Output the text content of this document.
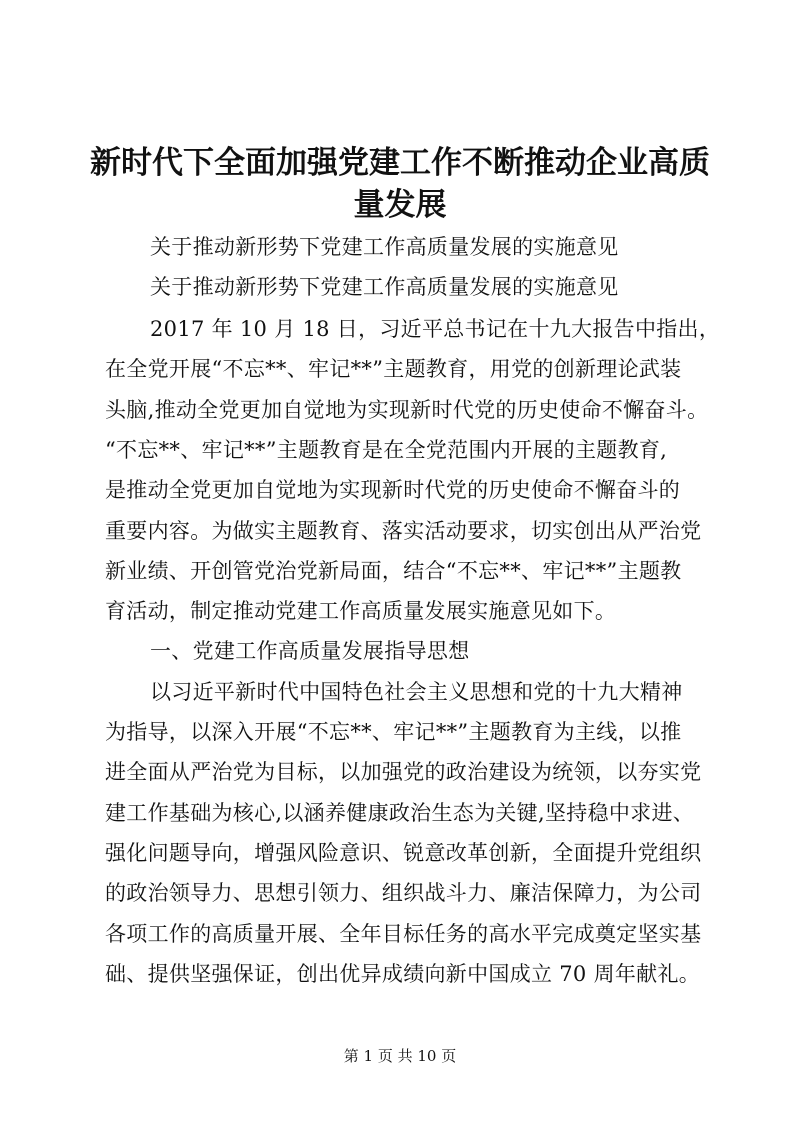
新时代下全面加强党建工作不断推动企业高质
量发展
关于推动新形势下党建工作高质量发展的实施意见
关于推动新形势下党建工作高质量发展的实施意见
2017 年 10 月 18 日，习近平总书记在十九大报告中指出，
在全党开展“不忘**、牢记**”主题教育，用党的创新理论武装
头脑,推动全党更加自觉地为实现新时代党的历史使命不懈奋斗。
“不忘**、牢记**”主题教育是在全党范围内开展的主题教育,
是推动全党更加自觉地为实现新时代党的历史使命不懈奋斗的
重要内容。为做实主题教育、落实活动要求，切实创出从严治党
新业绩、开创管党治党新局面，结合“不忘**、牢记**”主题教
育活动，制定推动党建工作高质量发展实施意见如下。
一、党建工作高质量发展指导思想
以习近平新时代中国特色社会主义思想和党的十九大精神
为指导，以深入开展“不忘**、牢记**”主题教育为主线，以推
进全面从严治党为目标，以加强党的政治建设为统领，以夯实党
建工作基础为核心,以涵养健康政治生态为关键,坚持稳中求进、
强化问题导向，增强风险意识、锐意改革创新，全面提升党组织
的政治领导力、思想引领力、组织战斗力、廉洁保障力，为公司
各项工作的高质量开展、全年目标任务的高水平完成奠定坚实基
础、提供坚强保证，创出优异成绩向新中国成立 70 周年献礼。
第 1 页 共 10 页
